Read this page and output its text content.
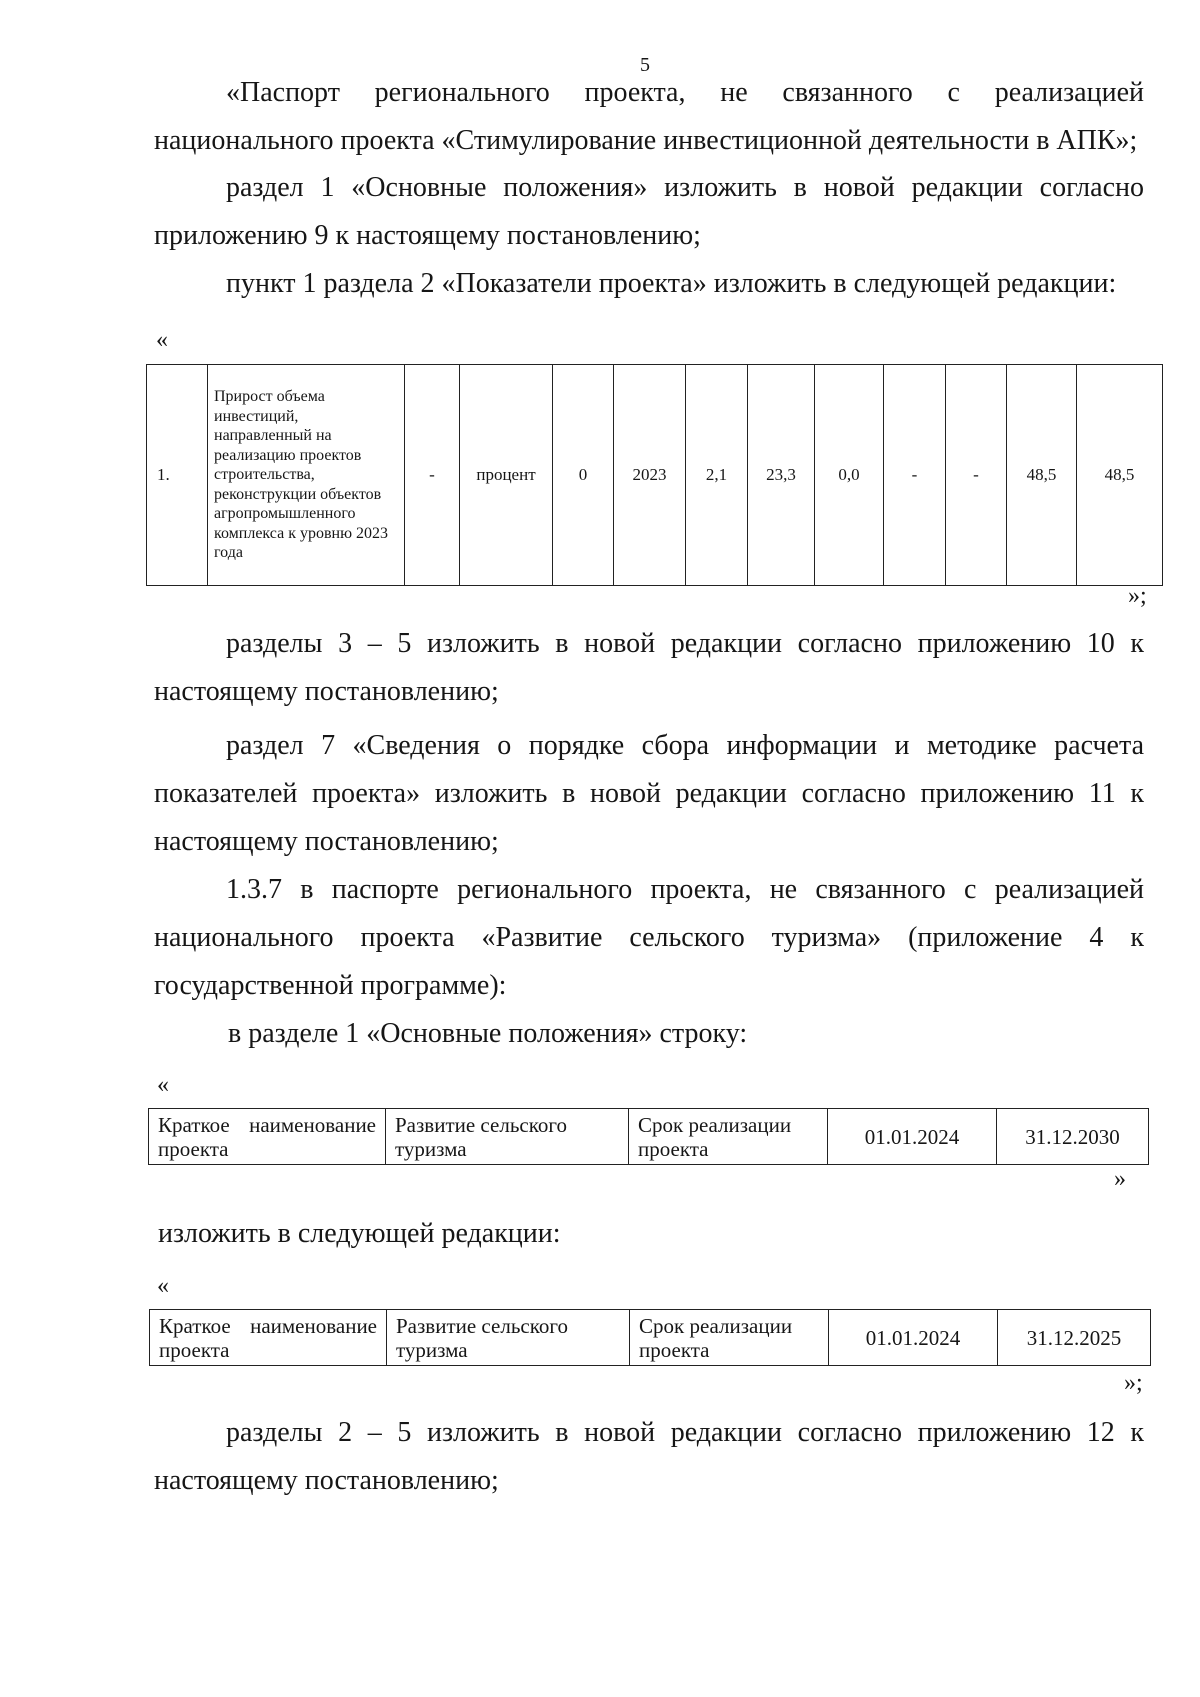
5

«Паспорт регионального проекта, не связанного с реализацией национального проекта «Стимулирование инвестиционной деятельности в АПК»;

раздел 1 «Основные положения» изложить в новой редакции согласно приложению 9 к настоящему постановлению;

пункт 1 раздела 2 «Показатели проекта» изложить в следующей редакции:
«
1.	Прирост объема инвестиций, направленный на реализацию проектов строительства, реконструкции объектов агропромышленного комплекса к уровню 2023 года	-	процент	0	2023	2,1	23,3	0,0	-	-	48,5	48,5
»;

разделы 3 – 5 изложить в новой редакции согласно приложению 10 к настоящему постановлению;

раздел 7 «Сведения о порядке сбора информации и методике расчета показателей проекта» изложить в новой редакции согласно приложению 11 к настоящему постановлению;

1.3.7 в паспорте регионального проекта, не связанного с реализацией национального проекта «Развитие сельского туризма» (приложение 4 к государственной программе):

в разделе 1 «Основные положения» строку:
«
Краткое наименование проекта	Развитие сельского туризма	Срок реализации проекта	01.01.2024	31.12.2030
»
изложить в следующей редакции:
«
Краткое наименование проекта	Развитие сельского туризма	Срок реализации проекта	01.01.2024	31.12.2025
»;

разделы 2 – 5 изложить в новой редакции согласно приложению 12 к настоящему постановлению;
